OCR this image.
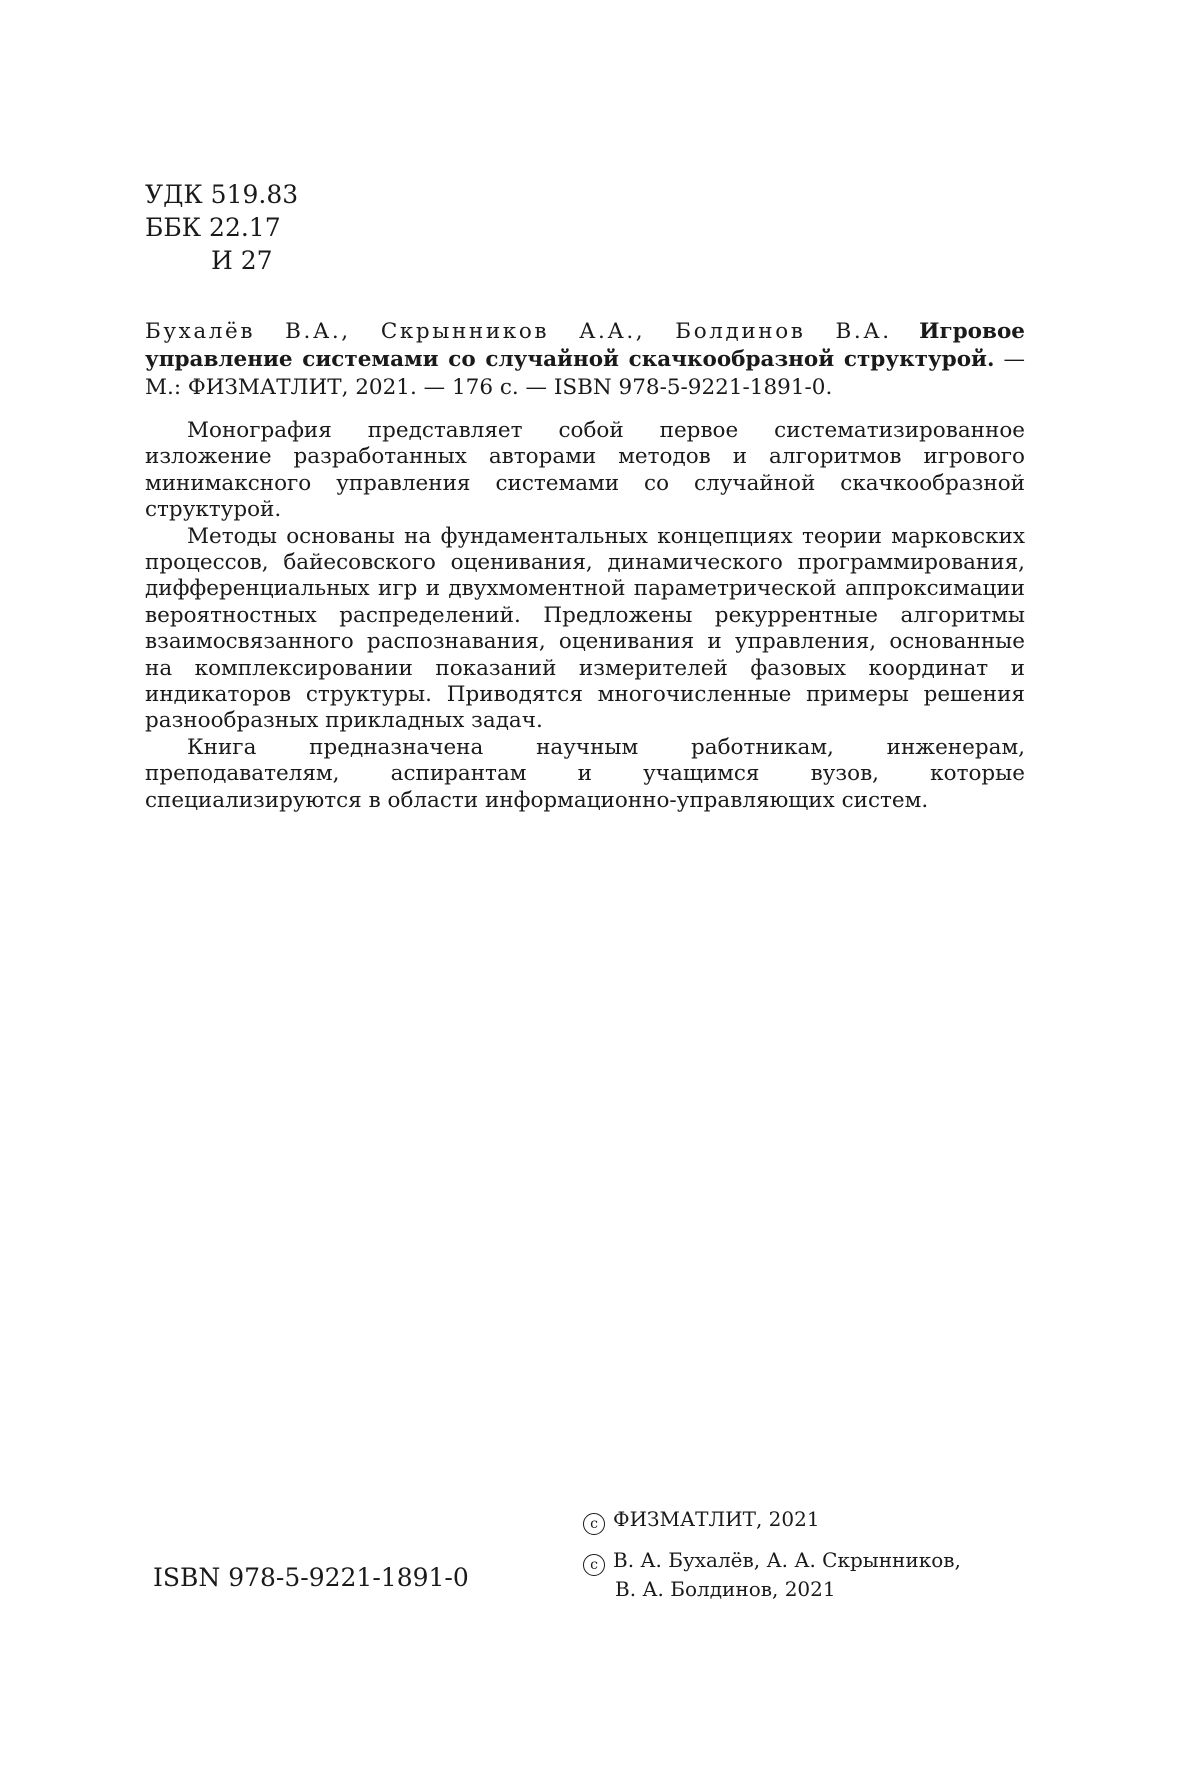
УДК 519.83
ББК 22.17
И 27

Бухалёв В.А., Скрынников А.А., Болдинов В.А. Игровое управление системами со случайной скачкообразной структурой. — М.: ФИЗМАТЛИТ, 2021. — 176 с. — ISBN 978-5-9221-1891-0.

Монография представляет собой первое систематизированное изложение разработанных авторами методов и алгоритмов игрового минимаксного управления системами со случайной скачкообразной структурой.

Методы основаны на фундаментальных концепциях теории марковских процессов, байесовского оценивания, динамического программирования, дифференциальных игр и двухмоментной параметрической аппроксимации вероятностных распределений. Предложены рекуррентные алгоритмы взаимосвязанного распознавания, оценивания и управления, основанные на комплексировании показаний измерителей фазовых координат и индикаторов структуры. Приводятся многочисленные примеры решения разнообразных прикладных задач.

Книга предназначена научным работникам, инженерам, преподавателям, аспирантам и учащимся вузов, которые специализируются в области информационно-управляющих систем.

ISBN 978-5-9221-1891-0
c ФИЗМАТЛИТ, 2021
c В. А. Бухалёв, А. А. Скрынников,
В. А. Болдинов, 2021
